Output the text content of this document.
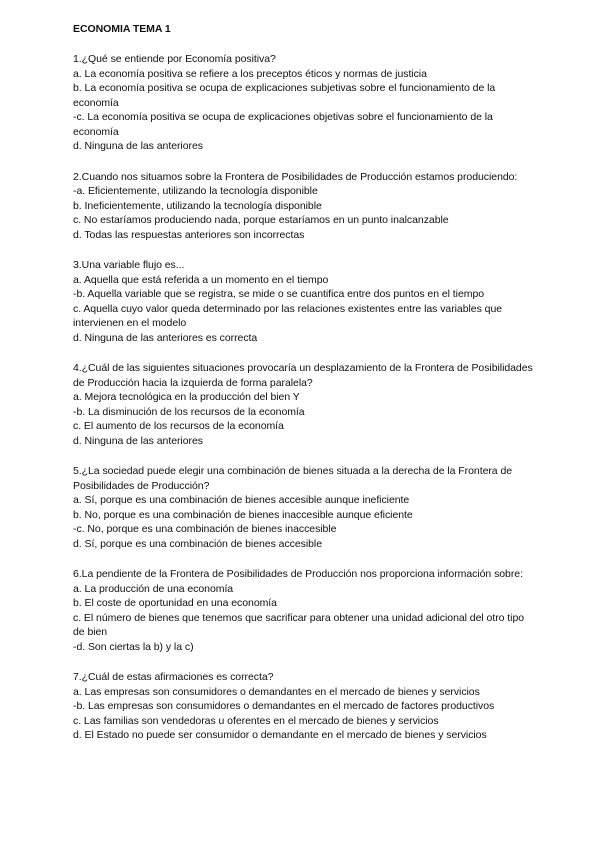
ECONOMIA TEMA 1
1.¿Qué se entiende por Economía positiva?
a. La economía positiva se refiere a los preceptos éticos y normas de justicia
b. La economía positiva se ocupa de explicaciones subjetivas sobre el funcionamiento de la economía
-c. La economía positiva se ocupa de explicaciones objetivas sobre el funcionamiento de la economía
d. Ninguna de las anteriores
2.Cuando nos situamos sobre la Frontera de Posibilidades de Producción estamos produciendo:
-a. Eficientemente, utilizando la tecnología disponible
b. Ineficientemente, utilizando la tecnología disponible
c. No estaríamos produciendo nada, porque estaríamos en un punto inalcanzable
d. Todas las respuestas anteriores son incorrectas
3.Una variable flujo es...
a. Aquella que está referida a un momento en el tiempo
-b. Aquella variable que se registra, se mide o se cuantifica entre dos puntos en el tiempo
c. Aquella cuyo valor queda determinado por las relaciones existentes entre las variables que intervienen en el modelo
d. Ninguna de las anteriores es correcta
4.¿Cuál de las siguientes situaciones provocaría un desplazamiento de la Frontera de Posibilidades de Producción hacia la izquierda de forma paralela?
a. Mejora tecnológica en la producción del bien Y
-b. La disminución de los recursos de la economía
c. El aumento de los recursos de la economía
d. Ninguna de las anteriores
5.¿La sociedad puede elegir una combinación de bienes situada a la derecha de la Frontera de Posibilidades de Producción?
a. Sí, porque es una combinación de bienes accesible aunque ineficiente
b. No, porque es una combinación de bienes inaccesible aunque eficiente
-c. No, porque es una combinación de bienes inaccesible
d. Sí, porque es una combinación de bienes accesible
6.La pendiente de la Frontera de Posibilidades de Producción nos proporciona información sobre:
a. La producción de una economía
b. El coste de oportunidad en una economía
c. El número de bienes que tenemos que sacrificar para obtener una unidad adicional del otro tipo de bien
-d. Son ciertas la b) y la c)
7.¿Cuál de estas afirmaciones es correcta?
a. Las empresas son consumidores o demandantes en el mercado de bienes y servicios
-b. Las empresas son consumidores o demandantes en el mercado de factores productivos
c. Las familias son vendedoras u oferentes en el mercado de bienes y servicios
d. El Estado no puede ser consumidor o demandante en el mercado de bienes y servicios
